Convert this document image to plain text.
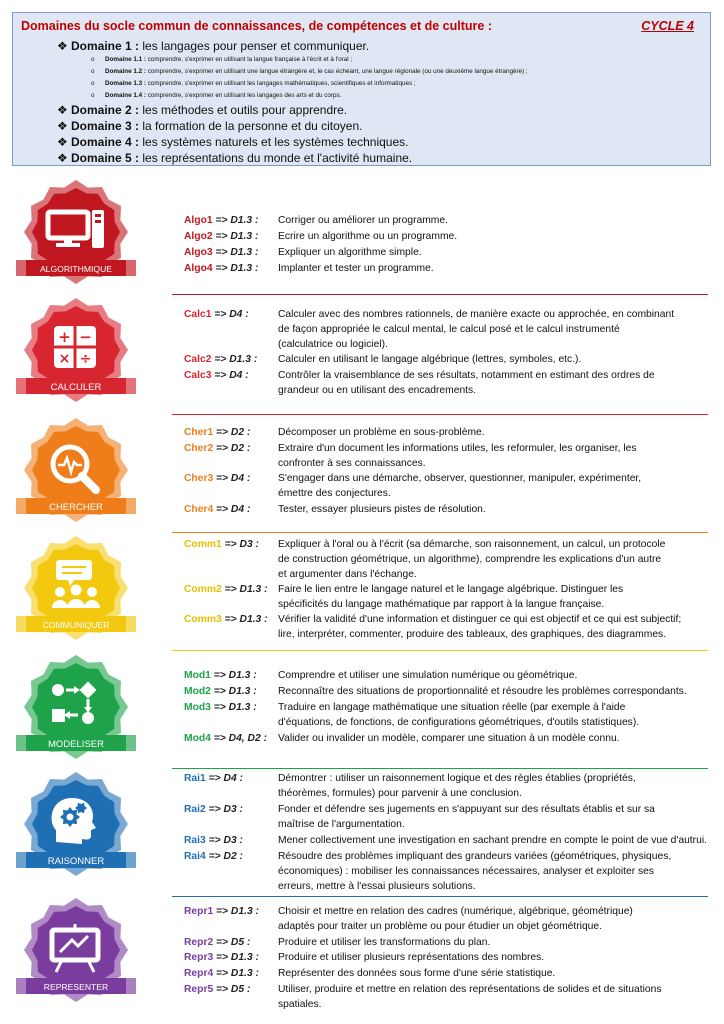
Domaines du socle commun de connaissances, de compétences et de culture :	CYCLE 4
❖ Domaine 1 : les langages pour penser et communiquer.
o Domaine 1.1 : comprendre, s'exprimer en utilisant la langue française à l'écrit et à l'oral ;
o Domaine 1.2 : comprendre, s'exprimer en utilisant une langue étrangère et, le cas échéant, une langue régionale (ou une deuxième langue étrangère) ;
o Domaine 1.3 : comprendre, s'exprimer en utilisant les langages mathématiques, scientifiques et informatiques ;
o Domaine 1.4 : comprendre, s'exprimer en utilisant les langages des arts et du corps.
❖ Domaine 2 : les méthodes et outils pour apprendre.
❖ Domaine 3 : la formation de la personne et du citoyen.
❖ Domaine 4 : les systèmes naturels et les systèmes techniques.
❖ Domaine 5 : les représentations du monde et l'activité humaine.
ALGORITHMIQUE
Algo1 => D1.3 : Corriger ou améliorer un programme.
Algo2 => D1.3 : Ecrire un algorithme ou un programme.
Algo3 => D1.3 : Expliquer un algorithme simple.
Algo4 => D1.3 : Implanter et tester un programme.
+ −
× ÷
CALCULER
Calc1 => D4 :	Calculer avec des nombres rationnels, de manière exacte ou approchée, en combinant
de façon appropriée le calcul mental, le calcul posé et le calcul instrumenté
(calculatrice ou logiciel).
Calc2 => D1.3 : Calculer en utilisant le langage algébrique (lettres, symboles, etc.).
Calc3 => D4 :	Contrôler la vraisemblance de ses résultats, notamment en estimant des ordres de
grandeur ou en utilisant des encadrements.
CHERCHER
Cher1 => D2 :	Décomposer un problème en sous-problème.
Cher2 => D2 :	Extraire d'un document les informations utiles, les reformuler, les organiser, les
confronter à ses connaissances.
Cher3 => D4 :	S'engager dans une démarche, observer, questionner, manipuler, expérimenter,
émettre des conjectures.
Cher4 => D4 :	Tester, essayer plusieurs pistes de résolution.
COMMUNIQUER
Comm1 => D3 : Expliquer à l'oral ou à l'écrit (sa démarche, son raisonnement, un calcul, un protocole
de construction géométrique, un algorithme), comprendre les explications d'un autre
et argumenter dans l'échange.
Comm2 => D1.3 : Faire le lien entre le langage naturel et le langage algébrique. Distinguer les
spécificités du langage mathématique par rapport à la langue française.
Comm3 => D1.3 : Vérifier la validité d'une information et distinguer ce qui est objectif et ce qui est subjectif;
lire, interpréter, commenter, produire des tableaux, des graphiques, des diagrammes.
MODELISER
Mod1 => D1.3 : Comprendre et utiliser une simulation numérique ou géométrique.
Mod2 => D1.3 : Reconnaître des situations de proportionnalité et résoudre les problèmes correspondants.
Mod3 => D1.3 : Traduire en langage mathématique une situation réelle (par exemple à l'aide
d'équations, de fonctions, de configurations géométriques, d'outils statistiques).
Mod4 => D4, D2 : Valider ou invalider un modèle, comparer une situation à un modèle connu.
RAISONNER
Rai1 => D4 :	Démontrer : utiliser un raisonnement logique et des règles établies (propriétés,
théorèmes, formules) pour parvenir à une conclusion.
Rai2 => D3 :	Fonder et défendre ses jugements en s'appuyant sur des résultats établis et sur sa
maîtrise de l'argumentation.
Rai3 => D3 :	Mener collectivement une investigation en sachant prendre en compte le point de vue d'autrui.
Rai4 => D2 :	Résoudre des problèmes impliquant des grandeurs variées (géométriques, physiques,
économiques) : mobiliser les connaissances nécessaires, analyser et exploiter ses
erreurs, mettre à l'essai plusieurs solutions.
REPRESENTER
Repr1 => D1.3 : Choisir et mettre en relation des cadres (numérique, algébrique, géométrique)
adaptés pour traiter un problème ou pour étudier un objet géométrique.
Repr2 => D5 :	Produire et utiliser les transformations du plan.
Repr3 => D1.3 : Produire et utiliser plusieurs représentations des nombres.
Repr4 => D1.3 : Représenter des données sous forme d'une série statistique.
Repr5 => D5 :	Utiliser, produire et mettre en relation des représentations de solides et de situations
spatiales.
